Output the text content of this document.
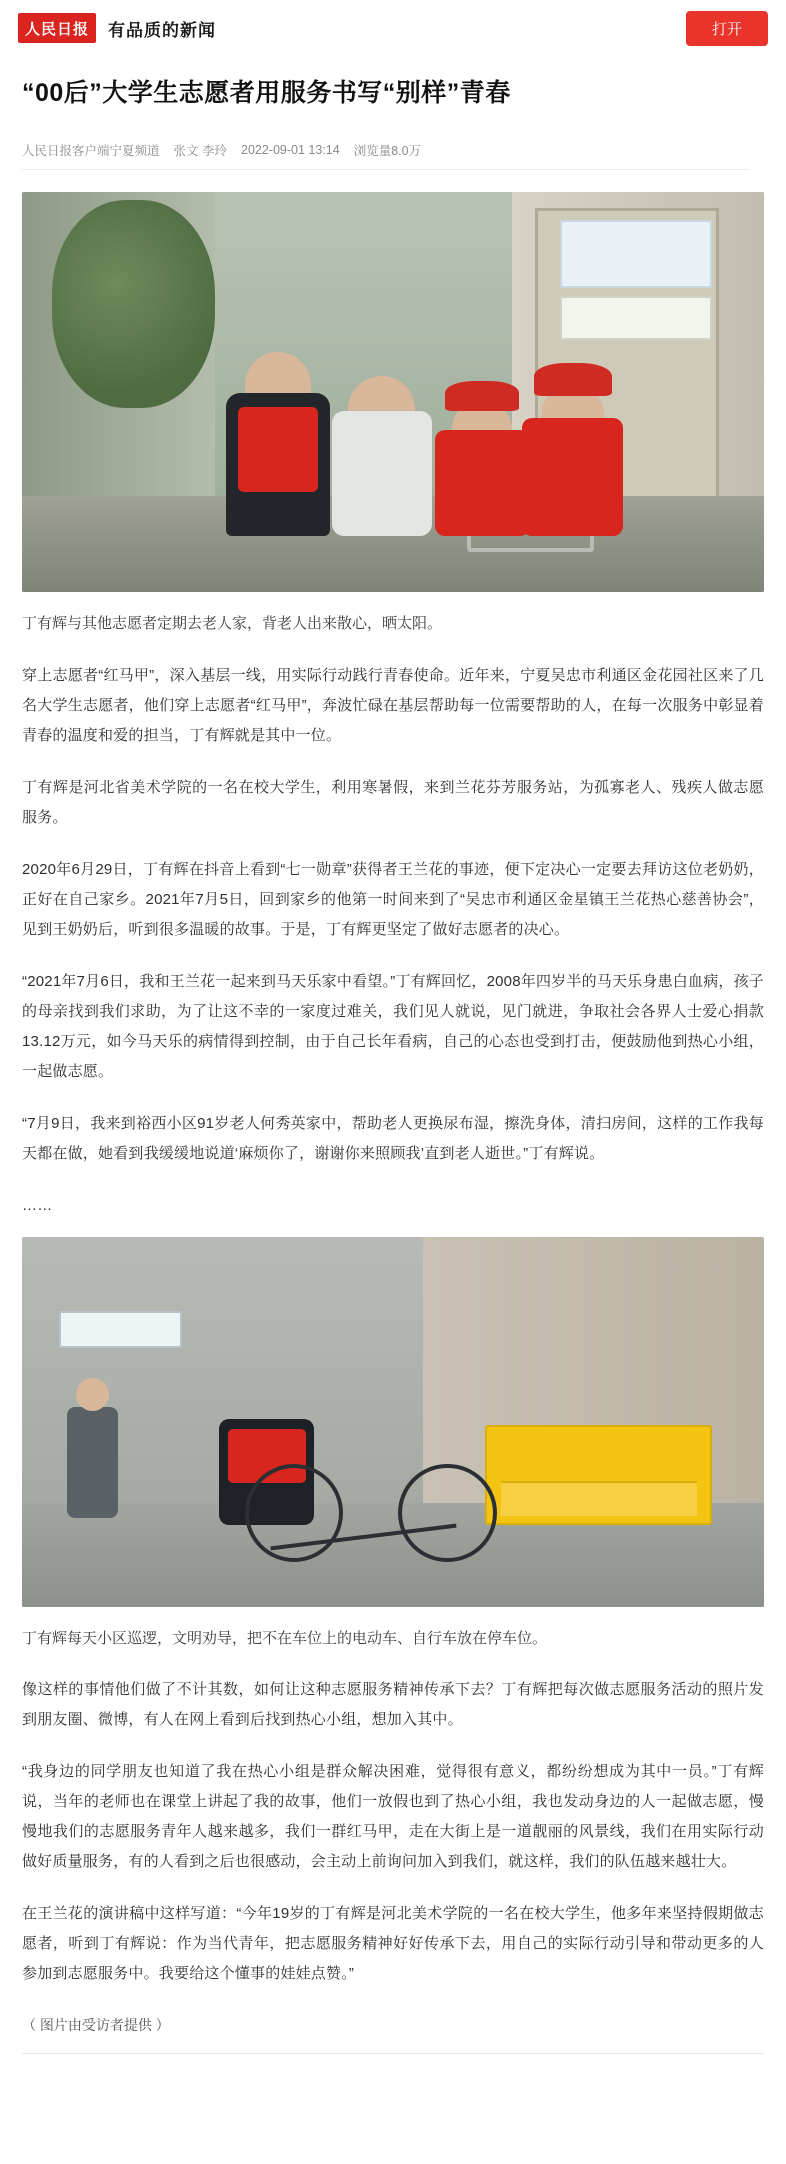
人民日报	有品质的新闻	打开
“00后”大学生志愿者用服务书写“别样”青春
人民日报客户端宁夏频道 张文 李玲 2022-09-01 13:14 浏览量8.0万

丁有辉与其他志愿者定期去老人家，背老人出来散心，晒太阳。

穿上志愿者“红马甲”，深入基层一线，用实际行动践行青春使命。近年来，宁夏吴忠市利通区金花园社区来了几名大学生志愿者，他们穿上志愿者“红马甲”，奔波忙碌在基层帮助每一位需要帮助的人，在每一次服务中彰显着青春的温度和爱的担当，丁有辉就是其中一位。

丁有辉是河北省美术学院的一名在校大学生，利用寒暑假，来到兰花芬芳服务站，为孤寡老人、残疾人做志愿服务。

2020年6月29日，丁有辉在抖音上看到“七一勋章”获得者王兰花的事迹，便下定决心一定要去拜访这位老奶奶，正好在自己家乡。2021年7月5日，回到家乡的他第一时间来到了“吴忠市利通区金星镇王兰花热心慈善协会”，见到王奶奶后，听到很多温暖的故事。于是，丁有辉更坚定了做好志愿者的决心。

“2021年7月6日，我和王兰花一起来到马天乐家中看望。”丁有辉回忆，2008年四岁半的马天乐身患白血病，孩子的母亲找到我们求助，为了让这不幸的一家度过难关，我们见人就说，见门就进，争取社会各界人士爱心捐款13.12万元，如今马天乐的病情得到控制，由于自己长年看病，自己的心态也受到打击，便鼓励他到热心小组，一起做志愿。

“7月9日，我来到裕西小区91岁老人何秀英家中，帮助老人更换尿布湿，擦洗身体，清扫房间，这样的工作我每天都在做，她看到我缓缓地说道‘麻烦你了，谢谢你来照顾我’直到老人逝世。”丁有辉说。

……

丁有辉每天小区巡逻，文明劝导，把不在车位上的电动车、自行车放在停车位。

像这样的事情他们做了不计其数，如何让这种志愿服务精神传承下去？丁有辉把每次做志愿服务活动的照片发到朋友圈、微博，有人在网上看到后找到热心小组，想加入其中。

“我身边的同学朋友也知道了我在热心小组是群众解决困难，觉得很有意义，都纷纷想成为其中一员。”丁有辉说，当年的老师也在课堂上讲起了我的故事，他们一放假也到了热心小组，我也发动身边的人一起做志愿，慢慢地我们的志愿服务青年人越来越多，我们一群红马甲，走在大街上是一道靓丽的风景线，我们在用实际行动做好质量服务，有的人看到之后也很感动，会主动上前询问加入到我们，就这样，我们的队伍越来越壮大。

在王兰花的演讲稿中这样写道：“今年19岁的丁有辉是河北美术学院的一名在校大学生，他多年来坚持假期做志愿者，听到丁有辉说：作为当代青年，把志愿服务精神好好传承下去，用自己的实际行动引导和带动更多的人参加到志愿服务中。我要给这个懂事的娃娃点赞。”

（ 图片由受访者提供 ）
